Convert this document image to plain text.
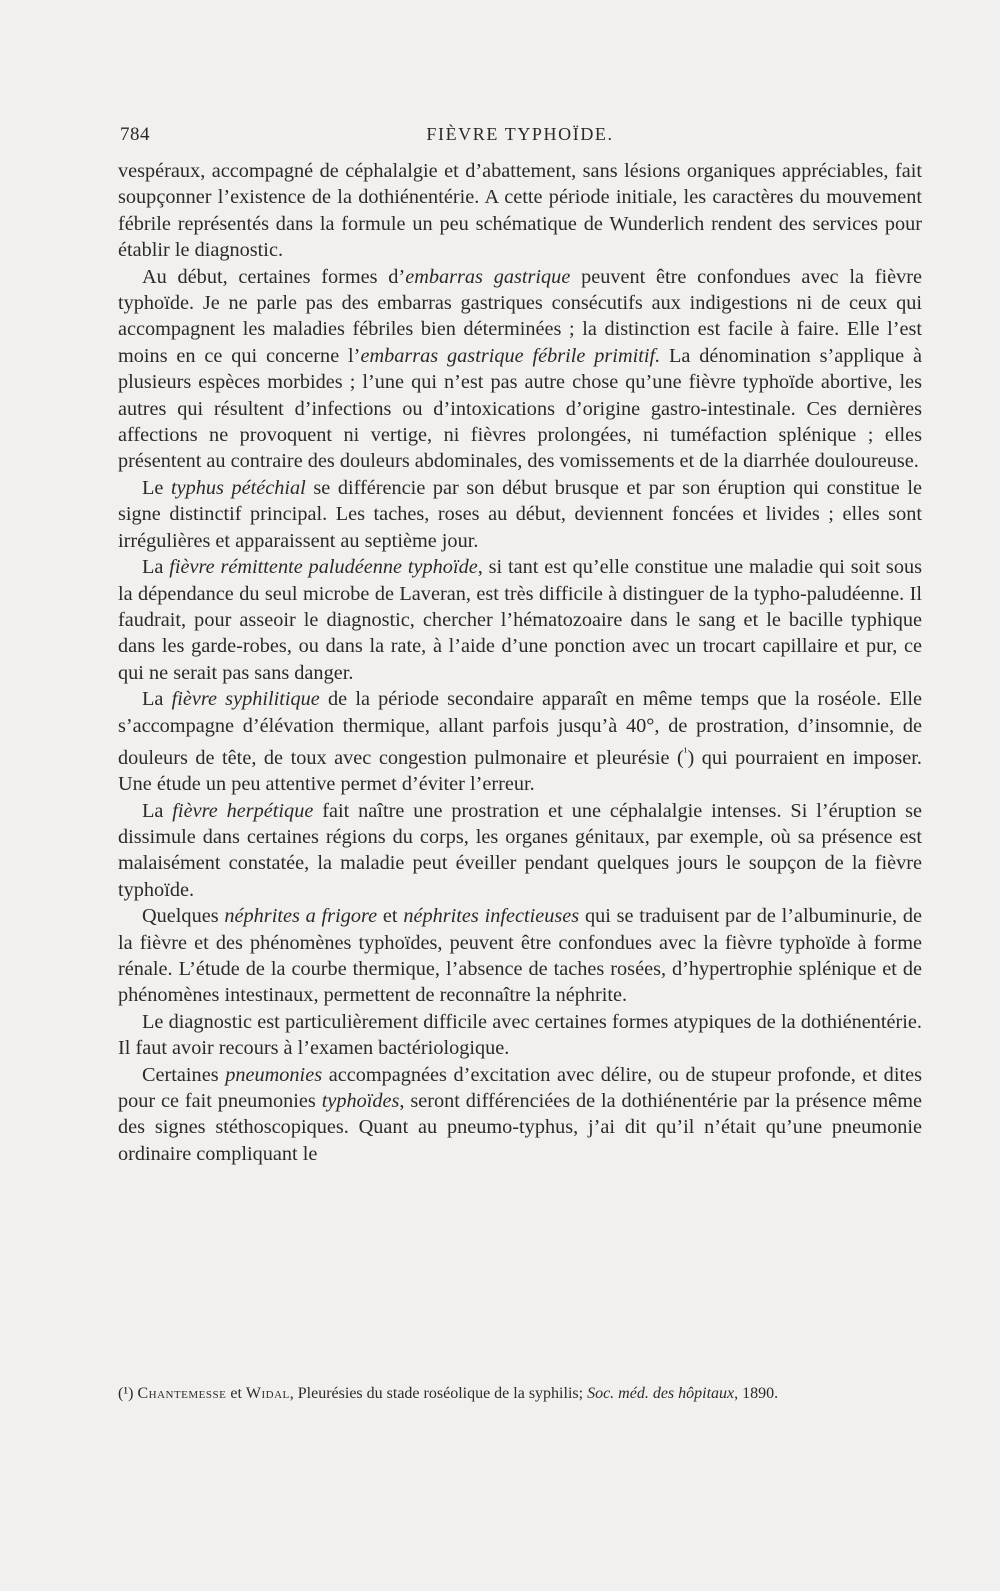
784	FIÈVRE TYPHOÏDE.

vespéraux, accompagné de céphalalgie et d’abattement, sans lésions organiques appréciables, fait soupçonner l’existence de la dothiénentérie. A cette période initiale, les caractères du mouvement fébrile représentés dans la formule un peu schématique de Wunderlich rendent des services pour établir le diagnostic.

Au début, certaines formes d’embarras gastrique peuvent être confondues avec la fièvre typhoïde. Je ne parle pas des embarras gastriques consécutifs aux indigestions ni de ceux qui accompagnent les maladies fébriles bien déterminées ; la distinction est facile à faire. Elle l’est moins en ce qui concerne l’embarras gastrique fébrile primitif. La dénomination s’applique à plusieurs espèces morbides ; l’une qui n’est pas autre chose qu’une fièvre typhoïde abortive, les autres qui résultent d’infections ou d’intoxications d’origine gastro-intestinale. Ces dernières affections ne provoquent ni vertige, ni fièvres prolongées, ni tuméfaction splénique ; elles présentent au contraire des douleurs abdominales, des vomissements et de la diarrhée douloureuse.

Le typhus pétéchial se différencie par son début brusque et par son éruption qui constitue le signe distinctif principal. Les taches, roses au début, deviennent foncées et livides ; elles sont irrégulières et apparaissent au septième jour.

La fièvre rémittente paludéenne typhoïde, si tant est qu’elle constitue une maladie qui soit sous la dépendance du seul microbe de Laveran, est très difficile à distinguer de la typho-paludéenne. Il faudrait, pour asseoir le diagnostic, chercher l’hématozoaire dans le sang et le bacille typhique dans les garde-robes, ou dans la rate, à l’aide d’une ponction avec un trocart capillaire et pur, ce qui ne serait pas sans danger.

La fièvre syphilitique de la période secondaire apparaît en même temps que la roséole. Elle s’accompagne d’élévation thermique, allant parfois jusqu’à 40°, de prostration, d’insomnie, de douleurs de tête, de toux avec congestion pulmonaire et pleurésie ($^{^1}$) qui pourraient en imposer. Une étude un peu attentive permet d’éviter l’erreur.

La fièvre herpétique fait naître une prostration et une céphalalgie intenses. Si l’éruption se dissimule dans certaines régions du corps, les organes génitaux, par exemple, où sa présence est malaisément constatée, la maladie peut éveiller pendant quelques jours le soupçon de la fièvre typhoïde.

Quelques néphrites a frigore et néphrites infectieuses qui se traduisent par de l’albuminurie, de la fièvre et des phénomènes typhoïdes, peuvent être confondues avec la fièvre typhoïde à forme rénale. L’étude de la courbe thermique, l’absence de taches rosées, d’hypertrophie splénique et de phénomènes intestinaux, permettent de reconnaître la néphrite.

Le diagnostic est particulièrement difficile avec certaines formes atypiques de la dothiénentérie. Il faut avoir recours à l’examen bactériologique.

Certaines pneumonies accompagnées d’excitation avec délire, ou de stupeur profonde, et dites pour ce fait pneumonies typhoïdes, seront différenciées de la dothiénentérie par la présence même des signes stéthoscopiques. Quant au pneumo-typhus, j’ai dit qu’il n’était qu’une pneumonie ordinaire compliquant le

(¹) Chantemesse et Widal, Pleurésies du stade roséolique de la syphilis; Soc. méd. des hôpitaux, 1890.
